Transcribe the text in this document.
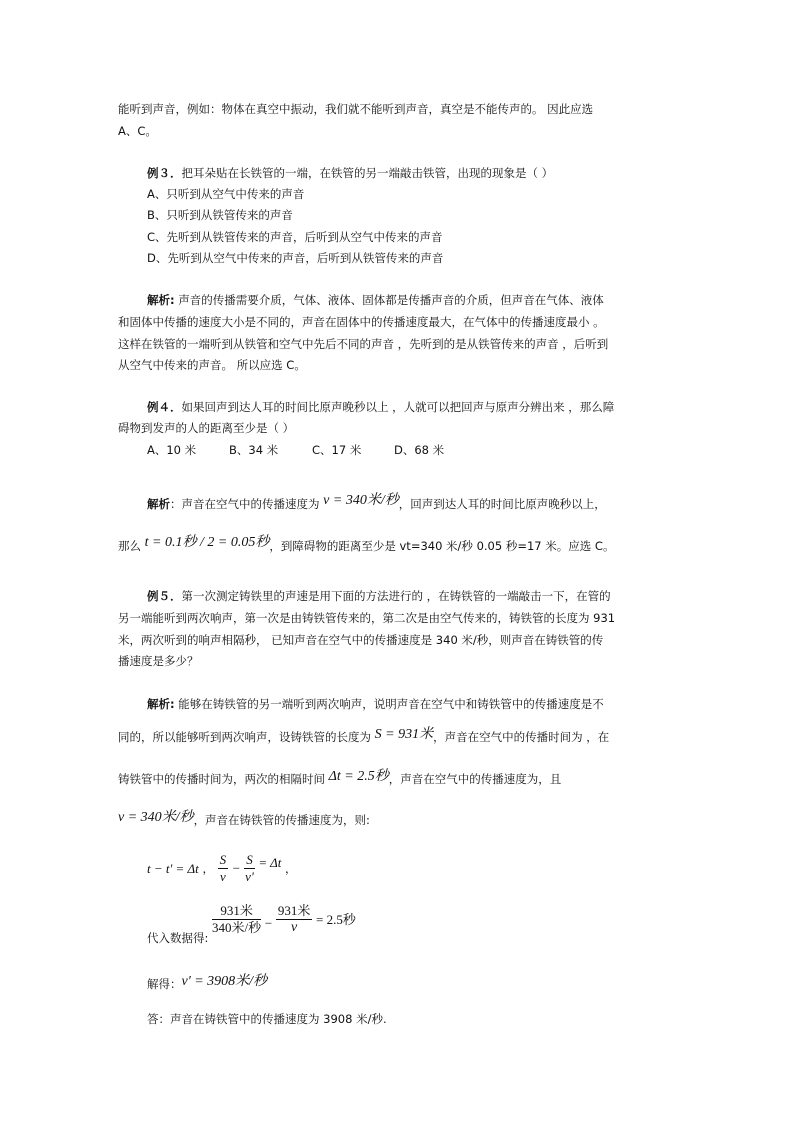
能听到声音，例如：物体在真空中振动，我们就不能听到声音，真空是不能传声的。 因此应选
A、C。
例３．把耳朵贴在长铁管的一端，在铁管的另一端敲击铁管，出现的现象是（ ）
A、只听到从空气中传来的声音
B、只听到从铁管传来的声音
C、先听到从铁管传来的声音，后听到从空气中传来的声音
D、先听到从空气中传来的声音，后听到从铁管传来的声音
解析: 声音的传播需要介质，气体、液体、固体都是传播声音的介质，但声音在气体、液体
和固体中传播的速度大小是不同的，声音在固体中的传播速度最大，在气体中的传播速度最小 。
这样在铁管的一端听到从铁管和空气中先后不同的声音 ，先听到的是从铁管传来的声音 ，后听到
从空气中传来的声音。 所以应选 C。
例４．如果回声到达人耳的时间比原声晚秒以上 ，人就可以把回声与原声分辨出来 ，那么障
碍物到发声的人的距离至少是（ ）
A、10 米	B、34 米	C、17 米	D、68 米
解析：声音在空气中的传播速度为 v = 340米/秒，回声到达人耳的时间比原声晚秒以上，
那么 t = 0.1秒 / 2 = 0.05秒，到障碍物的距离至少是 vt=340 米/秒 0.05 秒=17 米。应选 C。
例５．第一次测定铸铁里的声速是用下面的方法进行的 ，在铸铁管的一端敲击一下，在管的
另一端能听到两次响声，第一次是由铸铁管传来的，第二次是由空气传来的，铸铁管的长度为 931
米，两次听到的响声相隔秒， 已知声音在空气中的传播速度是 340 米/秒，则声音在铸铁管的传
播速度是多少？
解析: 能够在铸铁管的另一端听到两次响声，说明声音在空气中和铸铁管中的传播速度是不
同的，所以能够听到两次响声，设铸铁管的长度为 S = 931米，声音在空气中的传播时间为 ，在
铸铁管中的传播时间为，两次的相隔时间 Δt = 2.5秒，声音在空气中的传播速度为，且
v = 340米/秒，声音在铸铁管的传播速度为，则:
t − t' = Δt ， $\frac{S}{v} - \frac{S}{v'} = \Delta t$ ，
代入数据得:
$\frac{\text{931米}}{\text{340米/秒}} - \frac{\text{931米}}{v} = 2.5$秒
解得：v' = 3908米/秒
答：声音在铸铁管中的传播速度为 3908 米/秒.
